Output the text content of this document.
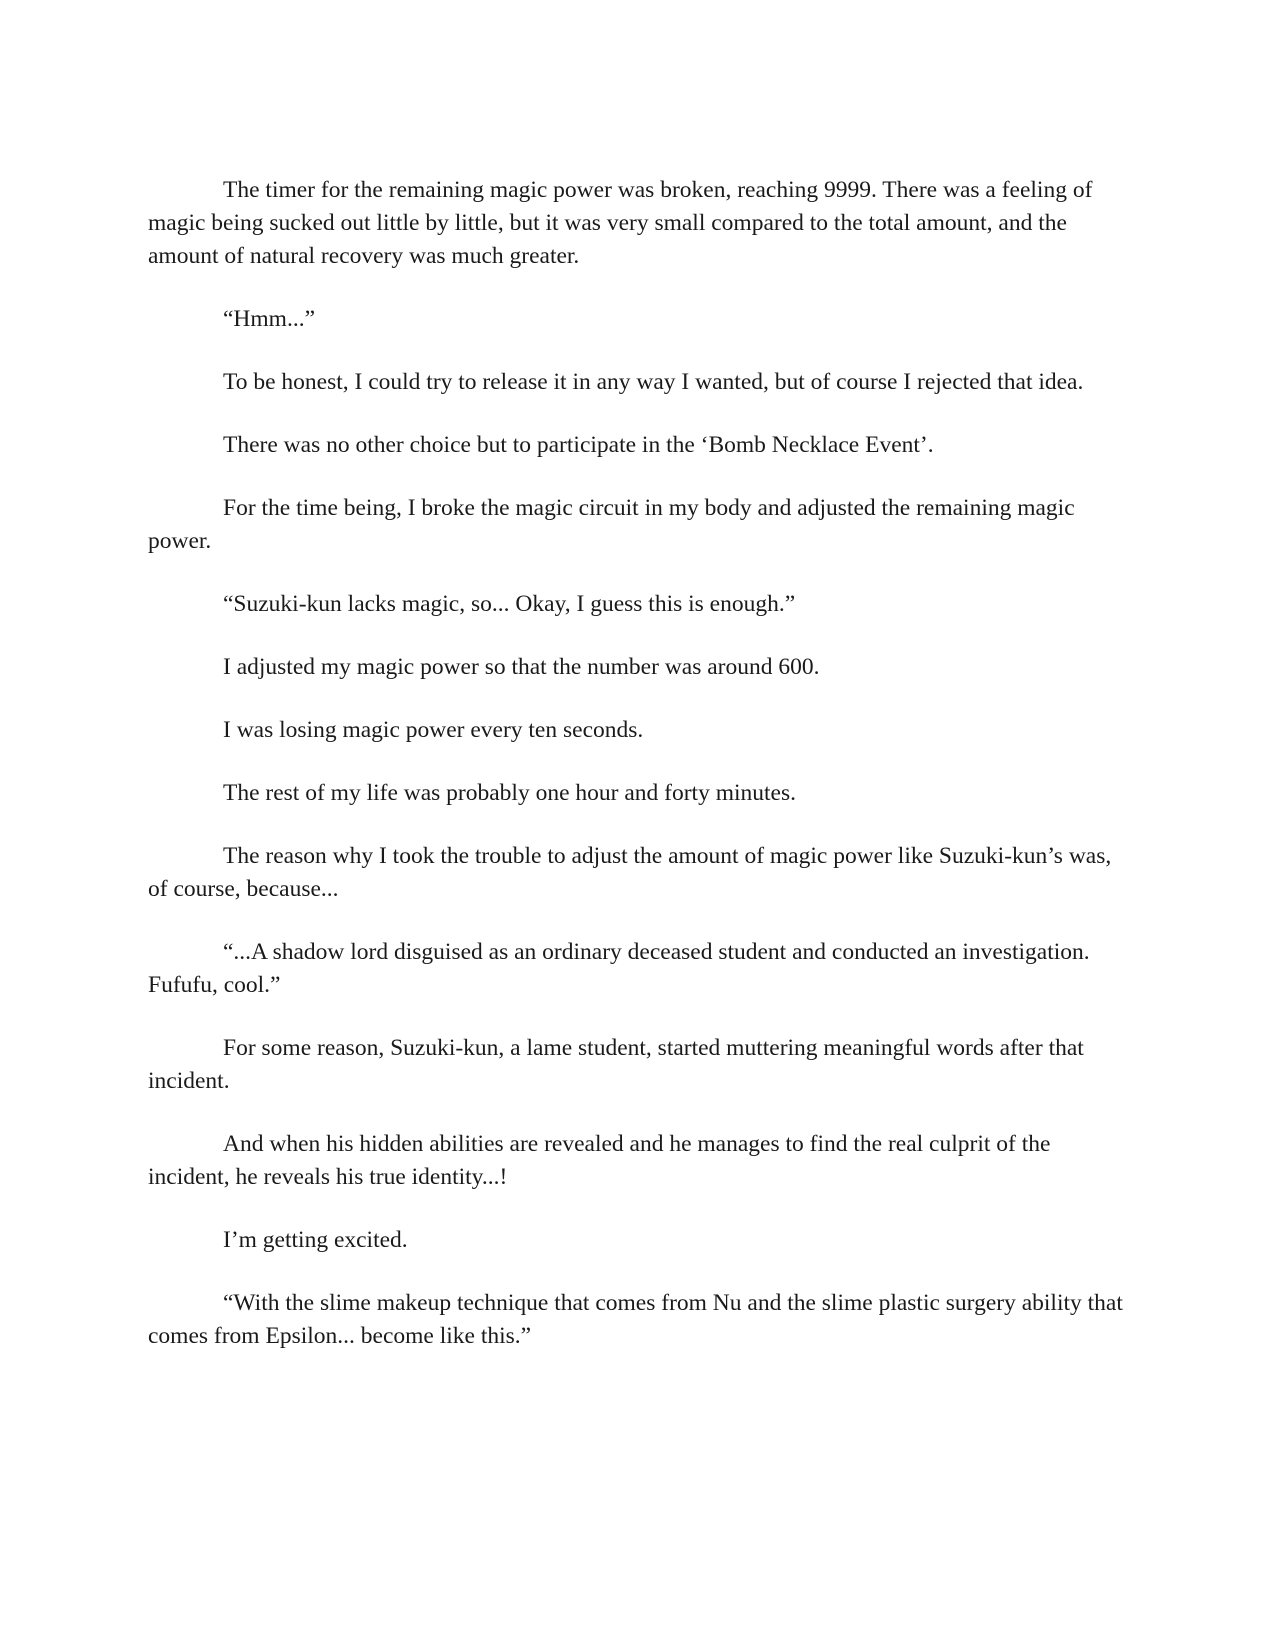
The timer for the remaining magic power was broken, reaching 9999. There was a feeling of magic being sucked out little by little, but it was very small compared to the total amount, and the amount of natural recovery was much greater.

“Hmm...”

To be honest, I could try to release it in any way I wanted, but of course I rejected that idea.

There was no other choice but to participate in the ‘Bomb Necklace Event’.

For the time being, I broke the magic circuit in my body and adjusted the remaining magic power.

“Suzuki-kun lacks magic, so... Okay, I guess this is enough.”

I adjusted my magic power so that the number was around 600.

I was losing magic power every ten seconds.

The rest of my life was probably one hour and forty minutes.

The reason why I took the trouble to adjust the amount of magic power like Suzuki-kun’s was, of course, because...

“...A shadow lord disguised as an ordinary deceased student and conducted an investigation. Fufufu, cool.”

For some reason, Suzuki-kun, a lame student, started muttering meaningful words after that incident.

And when his hidden abilities are revealed and he manages to find the real culprit of the incident, he reveals his true identity...!

I’m getting excited.

“With the slime makeup technique that comes from Nu and the slime plastic surgery ability that comes from Epsilon... become like this.”
